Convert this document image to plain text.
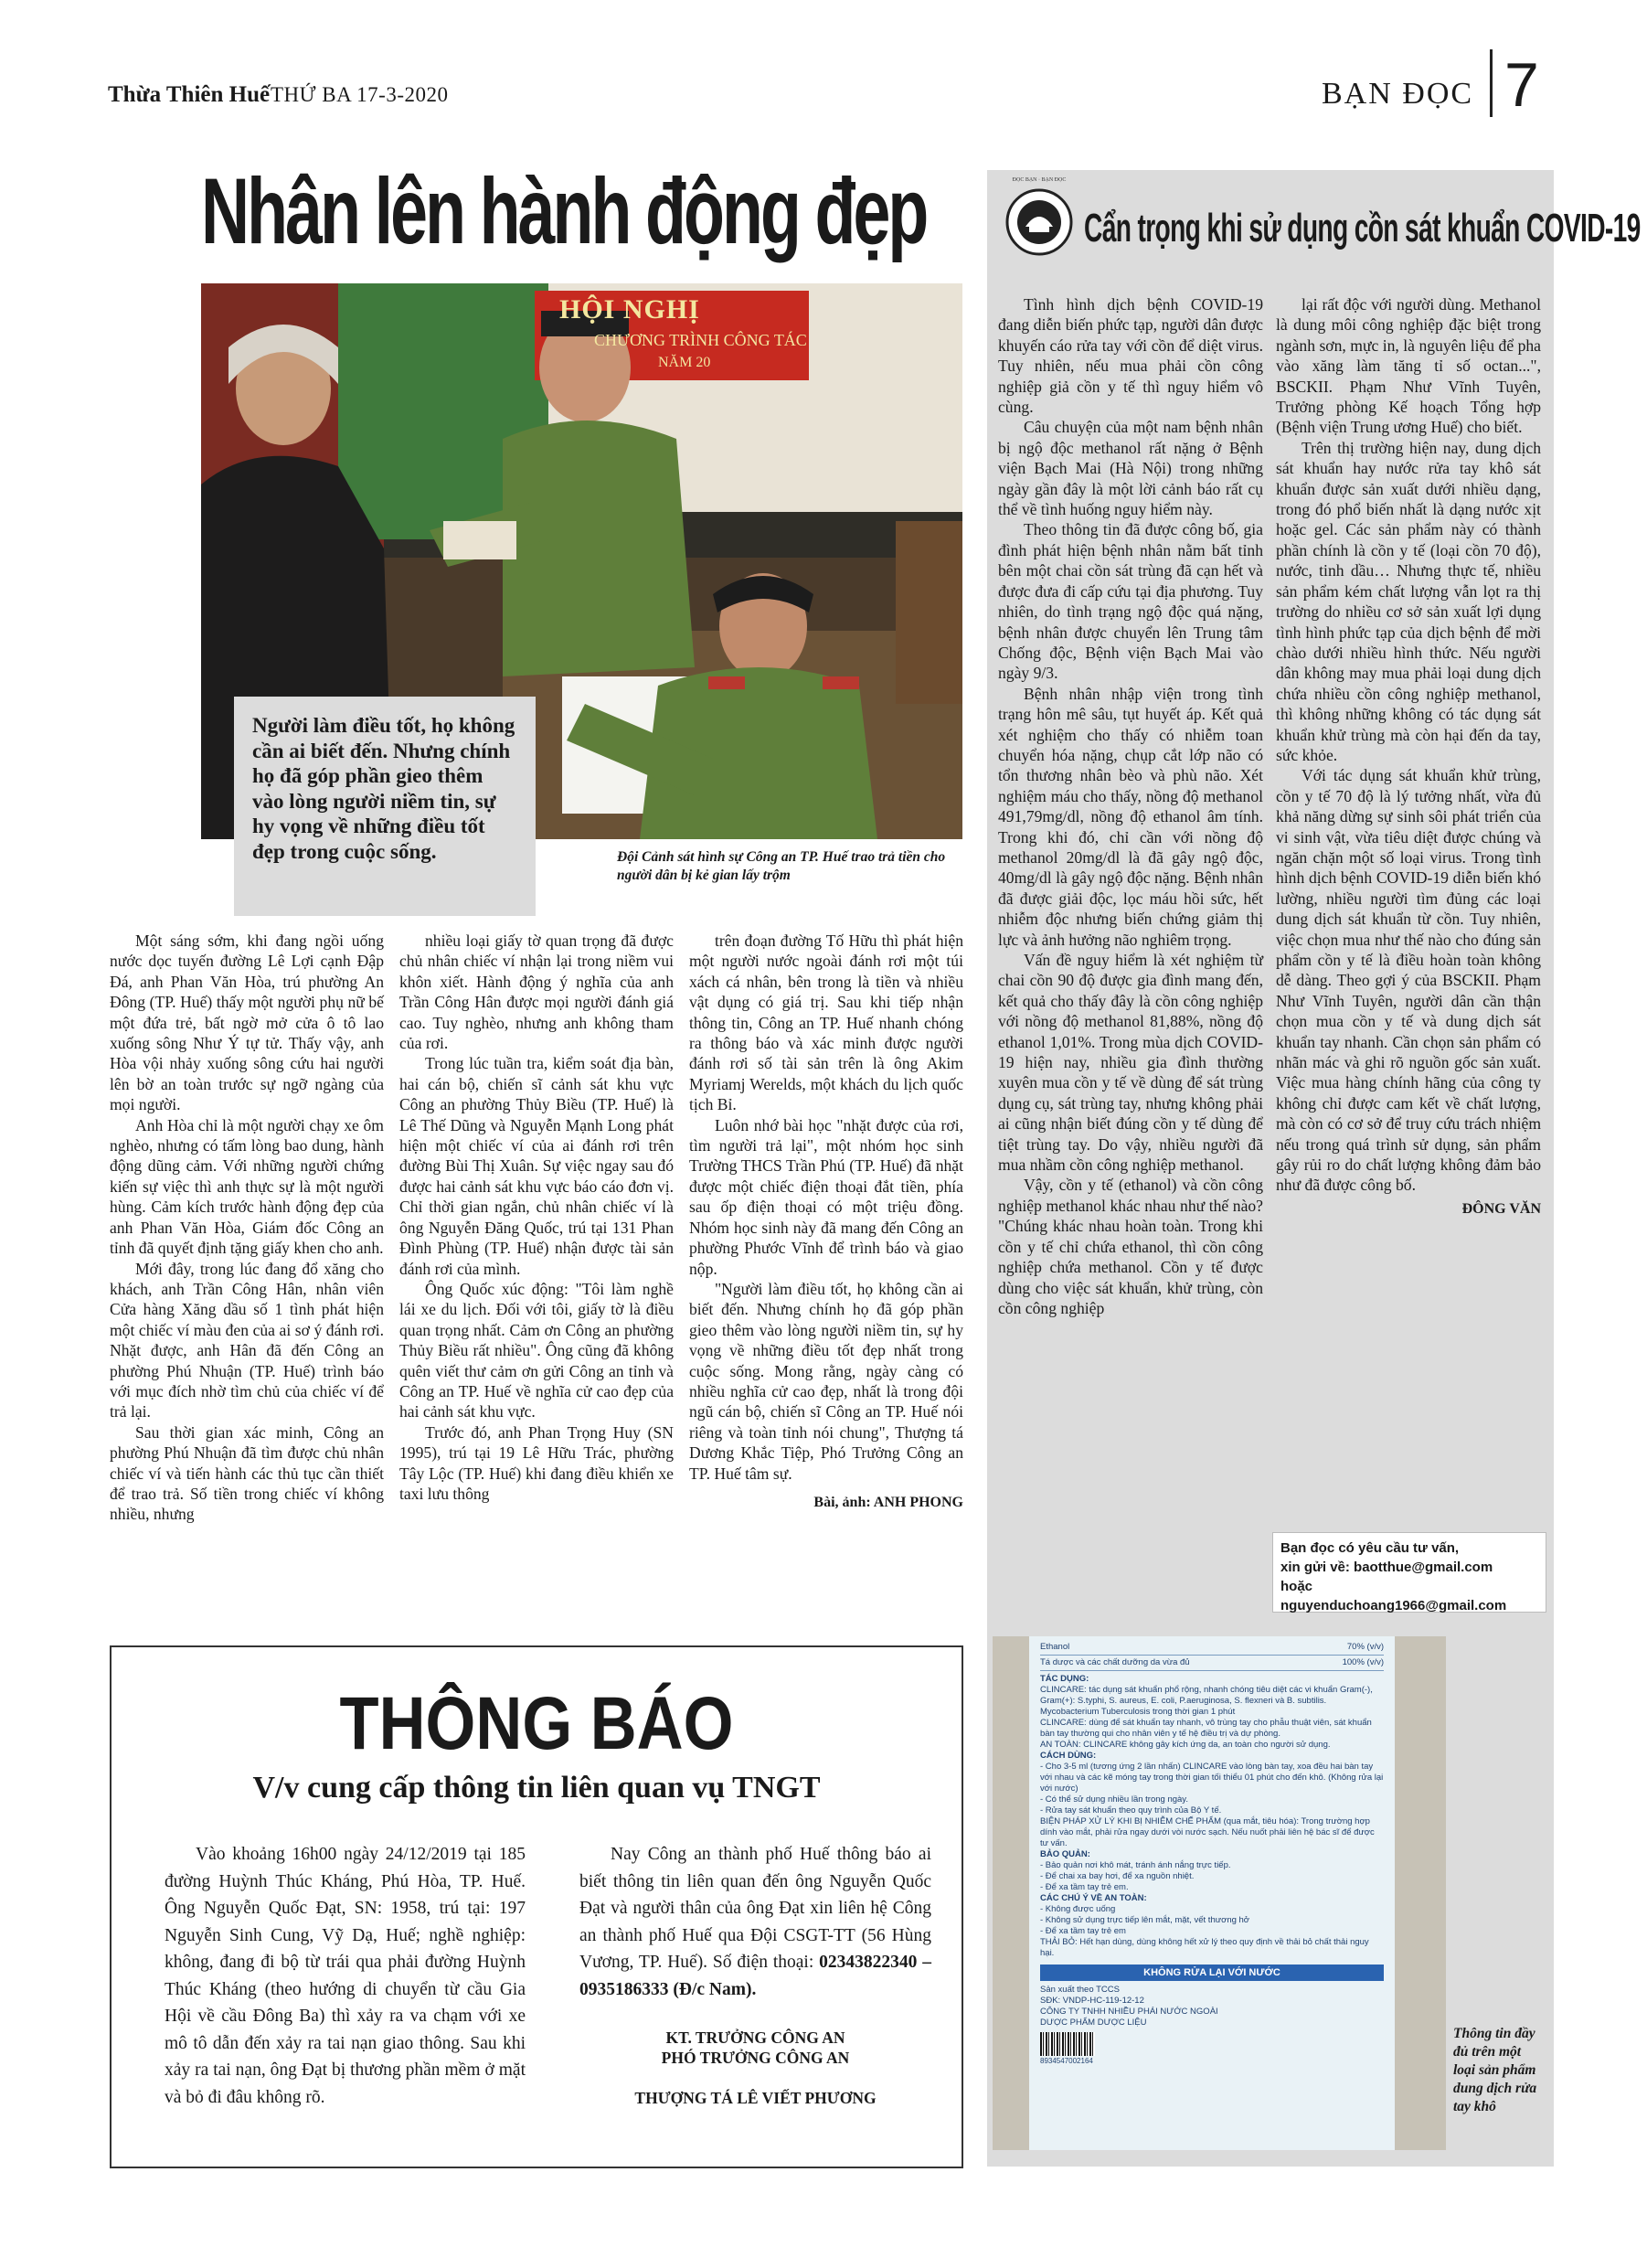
Thừa Thiên Huế THỨ BA 17-3-2020	BẠN ĐỌC 7
Nhân lên hành động đẹp
HỘI NGHỊ
CHƯƠNG TRÌNH CÔNG TÁC
NĂM 20
Người làm điều tốt, họ không cần ai biết đến. Nhưng chính họ đã góp phần gieo thêm vào lòng người niềm tin, sự hy vọng về những điều tốt đẹp trong cuộc sống.	Đội Cảnh sát hình sự Công an TP. Huế trao trả tiền cho người dân bị kẻ gian lấy trộm

Một sáng sớm, khi đang ngồi uống nước dọc tuyến đường Lê Lợi cạnh Đập Đá, anh Phan Văn Hòa, trú phường An Đông (TP. Huế) thấy một người phụ nữ bế một đứa trẻ, bất ngờ mở cửa ô tô lao xuống sông Như Ý tự tử. Thấy vậy, anh Hòa vội nhảy xuống sông cứu hai người lên bờ an toàn trước sự ngỡ ngàng của mọi người.

Anh Hòa chỉ là một người chạy xe ôm nghèo, nhưng có tấm lòng bao dung, hành động dũng cảm. Với những người chứng kiến sự việc thì anh thực sự là một người hùng. Cảm kích trước hành động đẹp của anh Phan Văn Hòa, Giám đốc Công an tỉnh đã quyết định tặng giấy khen cho anh.

Mới đây, trong lúc đang đổ xăng cho khách, anh Trần Công Hân, nhân viên Cửa hàng Xăng dầu số 1 tình phát hiện một chiếc ví màu đen của ai sơ ý đánh rơi. Nhặt được, anh Hân đã đến Công an phường Phú Nhuận (TP. Huế) trình báo với mục đích nhờ tìm chủ của chiếc ví để trả lại.

Sau thời gian xác minh, Công an phường Phú Nhuận đã tìm được chủ nhân chiếc ví và tiến hành các thủ tục cần thiết để trao trả. Số tiền trong chiếc ví không nhiều, nhưng

nhiều loại giấy tờ quan trọng đã được chủ nhân chiếc ví nhận lại trong niềm vui khôn xiết. Hành động ý nghĩa của anh Trần Công Hân được mọi người đánh giá cao. Tuy nghèo, nhưng anh không tham của rơi.

Trong lúc tuần tra, kiểm soát địa bàn, hai cán bộ, chiến sĩ cảnh sát khu vực Công an phường Thủy Biều (TP. Huế) là Lê Thế Dũng và Nguyễn Mạnh Long phát hiện một chiếc ví của ai đánh rơi trên đường Bùi Thị Xuân. Sự việc ngay sau đó được hai cảnh sát khu vực báo cáo đơn vị. Chỉ thời gian ngắn, chủ nhân chiếc ví là ông Nguyễn Đăng Quốc, trú tại 131 Phan Đình Phùng (TP. Huế) nhận được tài sản đánh rơi của mình.

Ông Quốc xúc động: "Tôi làm nghề lái xe du lịch. Đối với tôi, giấy tờ là điều quan trọng nhất. Cảm ơn Công an phường Thủy Biều rất nhiều". Ông cũng đã không quên viết thư cảm ơn gửi Công an tỉnh và Công an TP. Huế về nghĩa cử cao đẹp của hai cảnh sát khu vực.

Trước đó, anh Phan Trọng Huy (SN 1995), trú tại 19 Lê Hữu Trác, phường Tây Lộc (TP. Huế) khi đang điều khiển xe taxi lưu thông

trên đoạn đường Tố Hữu thì phát hiện một người nước ngoài đánh rơi một túi xách cá nhân, bên trong là tiền và nhiều vật dụng có giá trị. Sau khi tiếp nhận thông tin, Công an TP. Huế nhanh chóng ra thông báo và xác minh được người đánh rơi số tài sản trên là ông Akim Myriamj Werelds, một khách du lịch quốc tịch Bỉ.

Luôn nhớ bài học "nhặt được của rơi, tìm người trả lại", một nhóm học sinh Trường THCS Trần Phú (TP. Huế) đã nhặt được một chiếc điện thoại đắt tiền, phía sau ốp điện thoại có một triệu đồng. Nhóm học sinh này đã mang đến Công an phường Phước Vĩnh để trình báo và giao nộp.

"Người làm điều tốt, họ không cần ai biết đến. Nhưng chính họ đã góp phần gieo thêm vào lòng người niềm tin, sự hy vọng về những điều tốt đẹp nhất trong cuộc sống. Mong rằng, ngày càng có nhiều nghĩa cử cao đẹp, nhất là trong đội ngũ cán bộ, chiến sĩ Công an TP. Huế nói riêng và toàn tỉnh nói chung", Thượng tá Dương Khắc Tiệp, Phó Trưởng Công an TP. Huế tâm sự.

Bài, ảnh: ANH PHONG
ĐỌC BẠN · BẠN ĐỌC
Cẩn trọng khi sử dụng cồn sát khuẩn COVID-19

Tình hình dịch bệnh COVID-19 đang diễn biến phức tạp, người dân được khuyến cáo rửa tay với cồn để diệt virus. Tuy nhiên, nếu mua phải cồn công nghiệp giả cồn y tế thì nguy hiểm vô cùng.

Câu chuyện của một nam bệnh nhân bị ngộ độc methanol rất nặng ở Bệnh viện Bạch Mai (Hà Nội) trong những ngày gần đây là một lời cảnh báo rất cụ thể về tình huống nguy hiểm này.

Theo thông tin đã được công bố, gia đình phát hiện bệnh nhân nằm bất tỉnh bên một chai cồn sát trùng đã cạn hết và được đưa đi cấp cứu tại địa phương. Tuy nhiên, do tình trạng ngộ độc quá nặng, bệnh nhân được chuyển lên Trung tâm Chống độc, Bệnh viện Bạch Mai vào ngày 9/3.

Bệnh nhân nhập viện trong tình trạng hôn mê sâu, tụt huyết áp. Kết quả xét nghiệm cho thấy có nhiễm toan chuyển hóa nặng, chụp cắt lớp não có tổn thương nhân bèo và phù não. Xét nghiệm máu cho thấy, nồng độ methanol 491,79mg/dl, nồng độ ethanol âm tính. Trong khi đó, chỉ cần với nồng độ methanol 20mg/dl là đã gây ngộ độc, 40mg/dl là gây ngộ độc nặng. Bệnh nhân đã được giải độc, lọc máu hồi sức, hết nhiễm độc nhưng biến chứng giảm thị lực và ảnh hưởng não nghiêm trọng.

Vấn đề nguy hiểm là xét nghiệm từ chai cồn 90 độ được gia đình mang đến, kết quả cho thấy đây là cồn công nghiệp với nồng độ methanol 81,88%, nồng độ ethanol 1,01%. Trong mùa dịch COVID-19 hiện nay, nhiều gia đình thường xuyên mua cồn y tế về dùng để sát trùng dụng cụ, sát trùng tay, nhưng không phải ai cũng nhận biết đúng cồn y tế dùng để tiệt trùng tay. Do vậy, nhiều người đã mua nhầm cồn công nghiệp methanol.

Vậy, cồn y tế (ethanol) và cồn công nghiệp methanol khác nhau như thế nào? "Chúng khác nhau hoàn toàn. Trong khi cồn y tế chỉ chứa ethanol, thì cồn công nghiệp chứa methanol. Cồn y tế được dùng cho việc sát khuẩn, khử trùng, còn cồn công nghiệp

lại rất độc với người dùng. Methanol là dung môi công nghiệp đặc biệt trong ngành sơn, mực in, là nguyên liệu để pha vào xăng làm tăng tỉ số octan...", BSCKII. Phạm Như Vĩnh Tuyên, Trưởng phòng Kế hoạch Tổng hợp (Bệnh viện Trung ương Huế) cho biết.

Trên thị trường hiện nay, dung dịch sát khuẩn hay nước rửa tay khô sát khuẩn được sản xuất dưới nhiều dạng, trong đó phổ biến nhất là dạng nước xịt hoặc gel. Các sản phẩm này có thành phần chính là cồn y tế (loại cồn 70 độ), nước, tinh dầu… Nhưng thực tế, nhiều sản phẩm kém chất lượng vẫn lọt ra thị trường do nhiều cơ sở sản xuất lợi dụng tình hình phức tạp của dịch bệnh để mời chào dưới nhiều hình thức. Nếu người dân không may mua phải loại dung dịch chứa nhiều cồn công nghiệp methanol, thì không những không có tác dụng sát khuẩn khử trùng mà còn hại đến da tay, sức khỏe.

Với tác dụng sát khuẩn khử trùng, cồn y tế 70 độ là lý tưởng nhất, vừa đủ khả năng dừng sự sinh sôi phát triển của vi sinh vật, vừa tiêu diệt được chúng và ngăn chặn một số loại virus. Trong tình hình dịch bệnh COVID-19 diễn biến khó lường, nhiều người tìm đủng các loại dung dịch sát khuẩn từ cồn. Tuy nhiên, việc chọn mua như thế nào cho đúng sản phẩm cồn y tế là điều hoàn toàn không dễ dàng. Theo gợi ý của BSCKII. Phạm Như Vĩnh Tuyên, người dân cần thận chọn mua cồn y tế và dung dịch sát khuẩn tay nhanh. Cần chọn sản phẩm có nhãn mác và ghi rõ nguồn gốc sản xuất. Việc mua hàng chính hãng của công ty không chỉ được cam kết về chất lượng, mà còn có cơ sở để truy cứu trách nhiệm nếu trong quá trình sử dụng, sản phẩm gây rủi ro do chất lượng không đảm bảo như đã được công bố.

ĐÔNG VĂN
Bạn đọc có yêu cầu tư vấn,
xin gửi về: baotthue@gmail.com
hoặc nguyenduchoang1966@gmail.com
Ethanol	70% (v/v)
Tá dược và các chất dưỡng da vừa đủ	100% (v/v)
TÁC DỤNG:
CLINCARE: tác dụng sát khuẩn phổ rộng, nhanh chóng tiêu diệt các vi khuẩn Gram(-), Gram(+): S.typhi, S. aureus, E. coli, P.aeruginosa, S. flexneri và B. subtilis. Mycobacterium Tuberculosis trong thời gian 1 phút
CLINCARE: dùng để sát khuẩn tay nhanh, vô trùng tay cho phẫu thuật viên, sát khuẩn bàn tay thường qui cho nhân viên y tế hệ điều trị và dự phòng.
AN TOÀN: CLINCARE không gây kích ứng da, an toàn cho người sử dụng.
CÁCH DÙNG:
- Cho 3-5 ml (tương ứng 2 lần nhấn) CLINCARE vào lòng bàn tay, xoa đều hai bàn tay với nhau và các kẽ móng tay trong thời gian tối thiểu 01 phút cho đến khô. (Không rửa lại với nước)
- Có thể sử dụng nhiều lần trong ngày.
- Rửa tay sát khuẩn theo quy trình của Bộ Y tế.
BIỆN PHÁP XỬ LÝ KHI BỊ NHIỄM CHẾ PHẨM (qua mắt, tiêu hóa): Trong trường hợp dính vào mắt, phải rửa ngay dưới vòi nước sạch. Nếu nuốt phải liên hệ bác sĩ để được tư vấn.
BẢO QUẢN:
- Bảo quản nơi khô mát, tránh ánh nắng trực tiếp.
- Để chai xa bay hơi, để xa nguồn nhiệt.
- Để xa tầm tay trẻ em.
CÁC CHÚ Ý VỀ AN TOÀN:
- Không được uống
- Không sử dụng trực tiếp lên mắt, mặt, vết thương hở
- Để xa tầm tay trẻ em
THẢI BỎ: Hết hạn dùng, dùng không hết xử lý theo quy định về thải bỏ chất thải nguy hại.
KHÔNG RỬA LẠI VỚI NƯỚC
Sản xuất theo TCCS
SĐK: VNDP-HC-119-12-12
CÔNG TY TNHH NHIỀU PHÁI NƯỚC NGOÀI
DƯỢC PHẨM DƯỢC LIỆU
8934547002164
Thông tin đầy đủ trên một loại sản phẩm dung dịch rửa tay khô
THÔNG BÁO
V/v cung cấp thông tin liên quan vụ TNGT
Vào khoảng 16h00 ngày 24/12/2019 tại 185 đường Huỳnh Thúc Kháng, Phú Hòa, TP. Huế. Ông Nguyễn Quốc Đạt, SN: 1958, trú tại: 197 Nguyễn Sinh Cung, Vỹ Dạ, Huế; nghề nghiệp: không, đang đi bộ từ trái qua phải đường Huỳnh Thúc Kháng (theo hướng di chuyển từ cầu Gia Hội về cầu Đông Ba) thì xảy ra va chạm với xe mô tô dẫn đến xảy ra tai nạn giao thông. Sau khi xảy ra tai nạn, ông Đạt bị thương phần mềm ở mặt và bỏ đi đâu không rõ.
Nay Công an thành phố Huế thông báo ai biết thông tin liên quan đến ông Nguyễn Quốc Đạt và người thân của ông Đạt xin liên hệ Công an thành phố Huế qua Đội CSGT-TT (56 Hùng Vương, TP. Huế). Số điện thoại: 02343822340 – 0935186333 (Đ/c Nam).
KT. TRƯỞNG CÔNG AN
PHÓ TRƯỞNG CÔNG AN
THƯỢNG TÁ LÊ VIẾT PHƯƠNG
